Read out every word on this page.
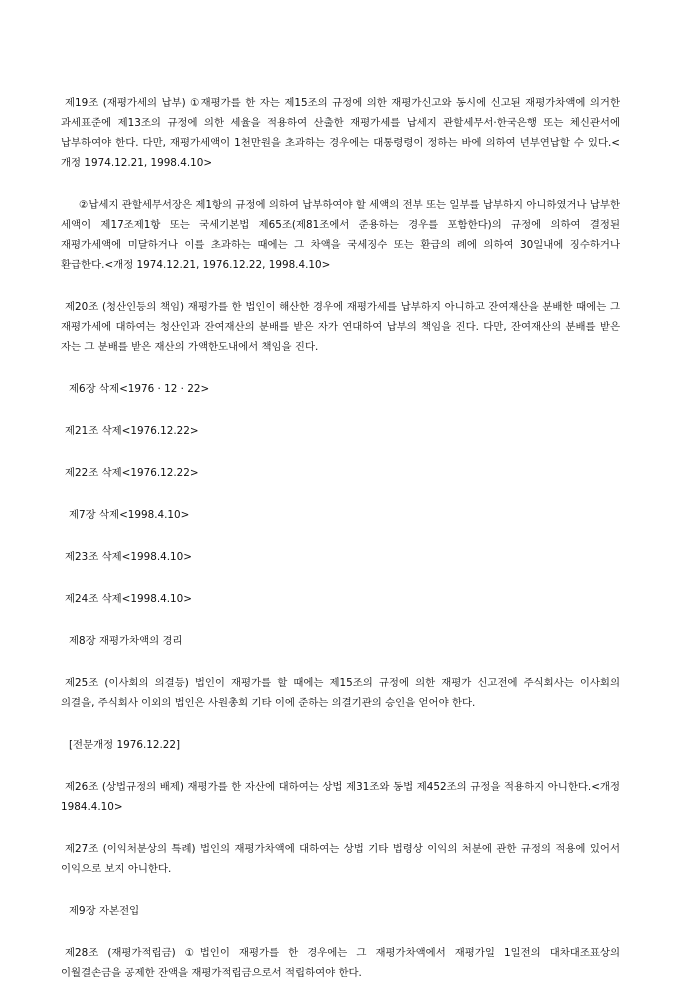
제19조 (재평가세의 납부) ①재평가를 한 자는 제15조의 규정에 의한 재평가신고와 동시에 신고된 재평가차액에 의거한 과세표준에 제13조의 규정에 의한 세율을 적용하여 산출한 재평가세를 납세지 관할세무서·한국은행 또는 체신관서에 납부하여야 한다. 다만, 재평가세액이 1천만원을 초과하는 경우에는 대통령령이 정하는 바에 의하여 년부연납할 수 있다.<개정 1974.12.21, 1998.4.10>

②납세지 관할세무서장은 제1항의 규정에 의하여 납부하여야 할 세액의 전부 또는 일부를 납부하지 아니하였거나 납부한 세액이 제17조제1항 또는 국세기본법 제65조(제81조에서 준용하는 경우를 포함한다)의 규정에 의하여 결정된 재평가세액에 미달하거나 이를 초과하는 때에는 그 차액을 국세징수 또는 환급의 례에 의하여 30일내에 징수하거나 환급한다.<개정 1974.12.21, 1976.12.22, 1998.4.10>

제20조 (청산인등의 책임) 재평가를 한 법인이 해산한 경우에 재평가세를 납부하지 아니하고 잔여재산을 분배한 때에는 그 재평가세에 대하여는 청산인과 잔여재산의 분배를 받은 자가 연대하여 납부의 책임을 진다. 다만, 잔여재산의 분배를 받은 자는 그 분배를 받은 재산의 가액한도내에서 책임을 진다.

제6장 삭제<1976 · 12 · 22>

제21조 삭제<1976.12.22>

제22조 삭제<1976.12.22>

제7장 삭제<1998.4.10>

제23조 삭제<1998.4.10>

제24조 삭제<1998.4.10>

제8장 재평가차액의 경리

제25조 (이사회의 의결등) 법인이 재평가를 할 때에는 제15조의 규정에 의한 재평가 신고전에 주식회사는 이사회의 의결을, 주식회사 이외의 법인은 사원총회 기타 이에 준하는 의결기관의 승인을 얻어야 한다.

[전문개정 1976.12.22]

제26조 (상법규정의 배제) 재평가를 한 자산에 대하여는 상법 제31조와 동법 제452조의 규정을 적용하지 아니한다.<개정 1984.4.10>

제27조 (이익처분상의 특례) 법인의 재평가차액에 대하여는 상법 기타 법령상 이익의 처분에 관한 규정의 적용에 있어서 이익으로 보지 아니한다.

제9장 자본전입

제28조 (재평가적립금) ①법인이 재평가를 한 경우에는 그 재평가차액에서 재평가일 1일전의 대차대조표상의 이월결손금을 공제한 잔액을 재평가적립금으로서 적립하여야 한다.
